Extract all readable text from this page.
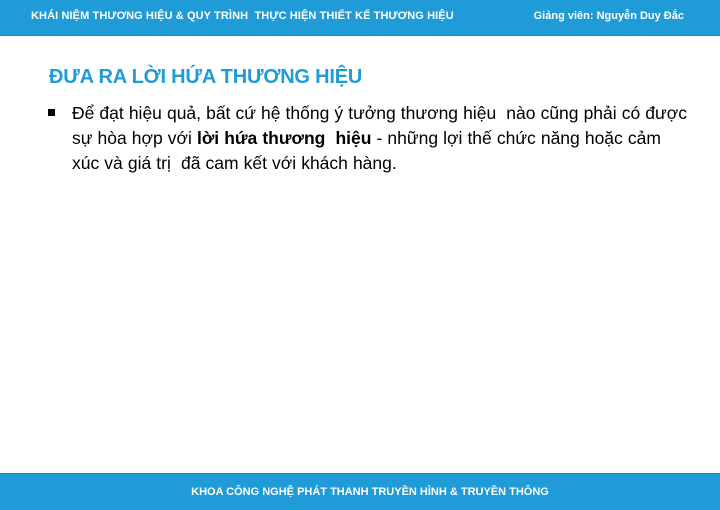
KHÁI NIỆM THƯƠNG HIỆU & QUY TRÌNH  THỰC HIỆN THIẾT KẾ THƯƠNG HIỆU	Giảng viên: Nguyễn Duy Đắc
ĐƯA RA LỜI HỨA THƯƠNG HIỆU
Để đạt hiệu quả, bất cứ hệ thống ý tưởng thương hiệu  nào cũng phải có được sự hòa hợp với lời hứa thương  hiệu - những lợi thế chức năng hoặc cảm xúc và giá trị  đã cam kết với khách hàng.
KHOA CÔNG NGHỆ PHÁT THANH TRUYỀN HÌNH & TRUYỀN THÔNG
